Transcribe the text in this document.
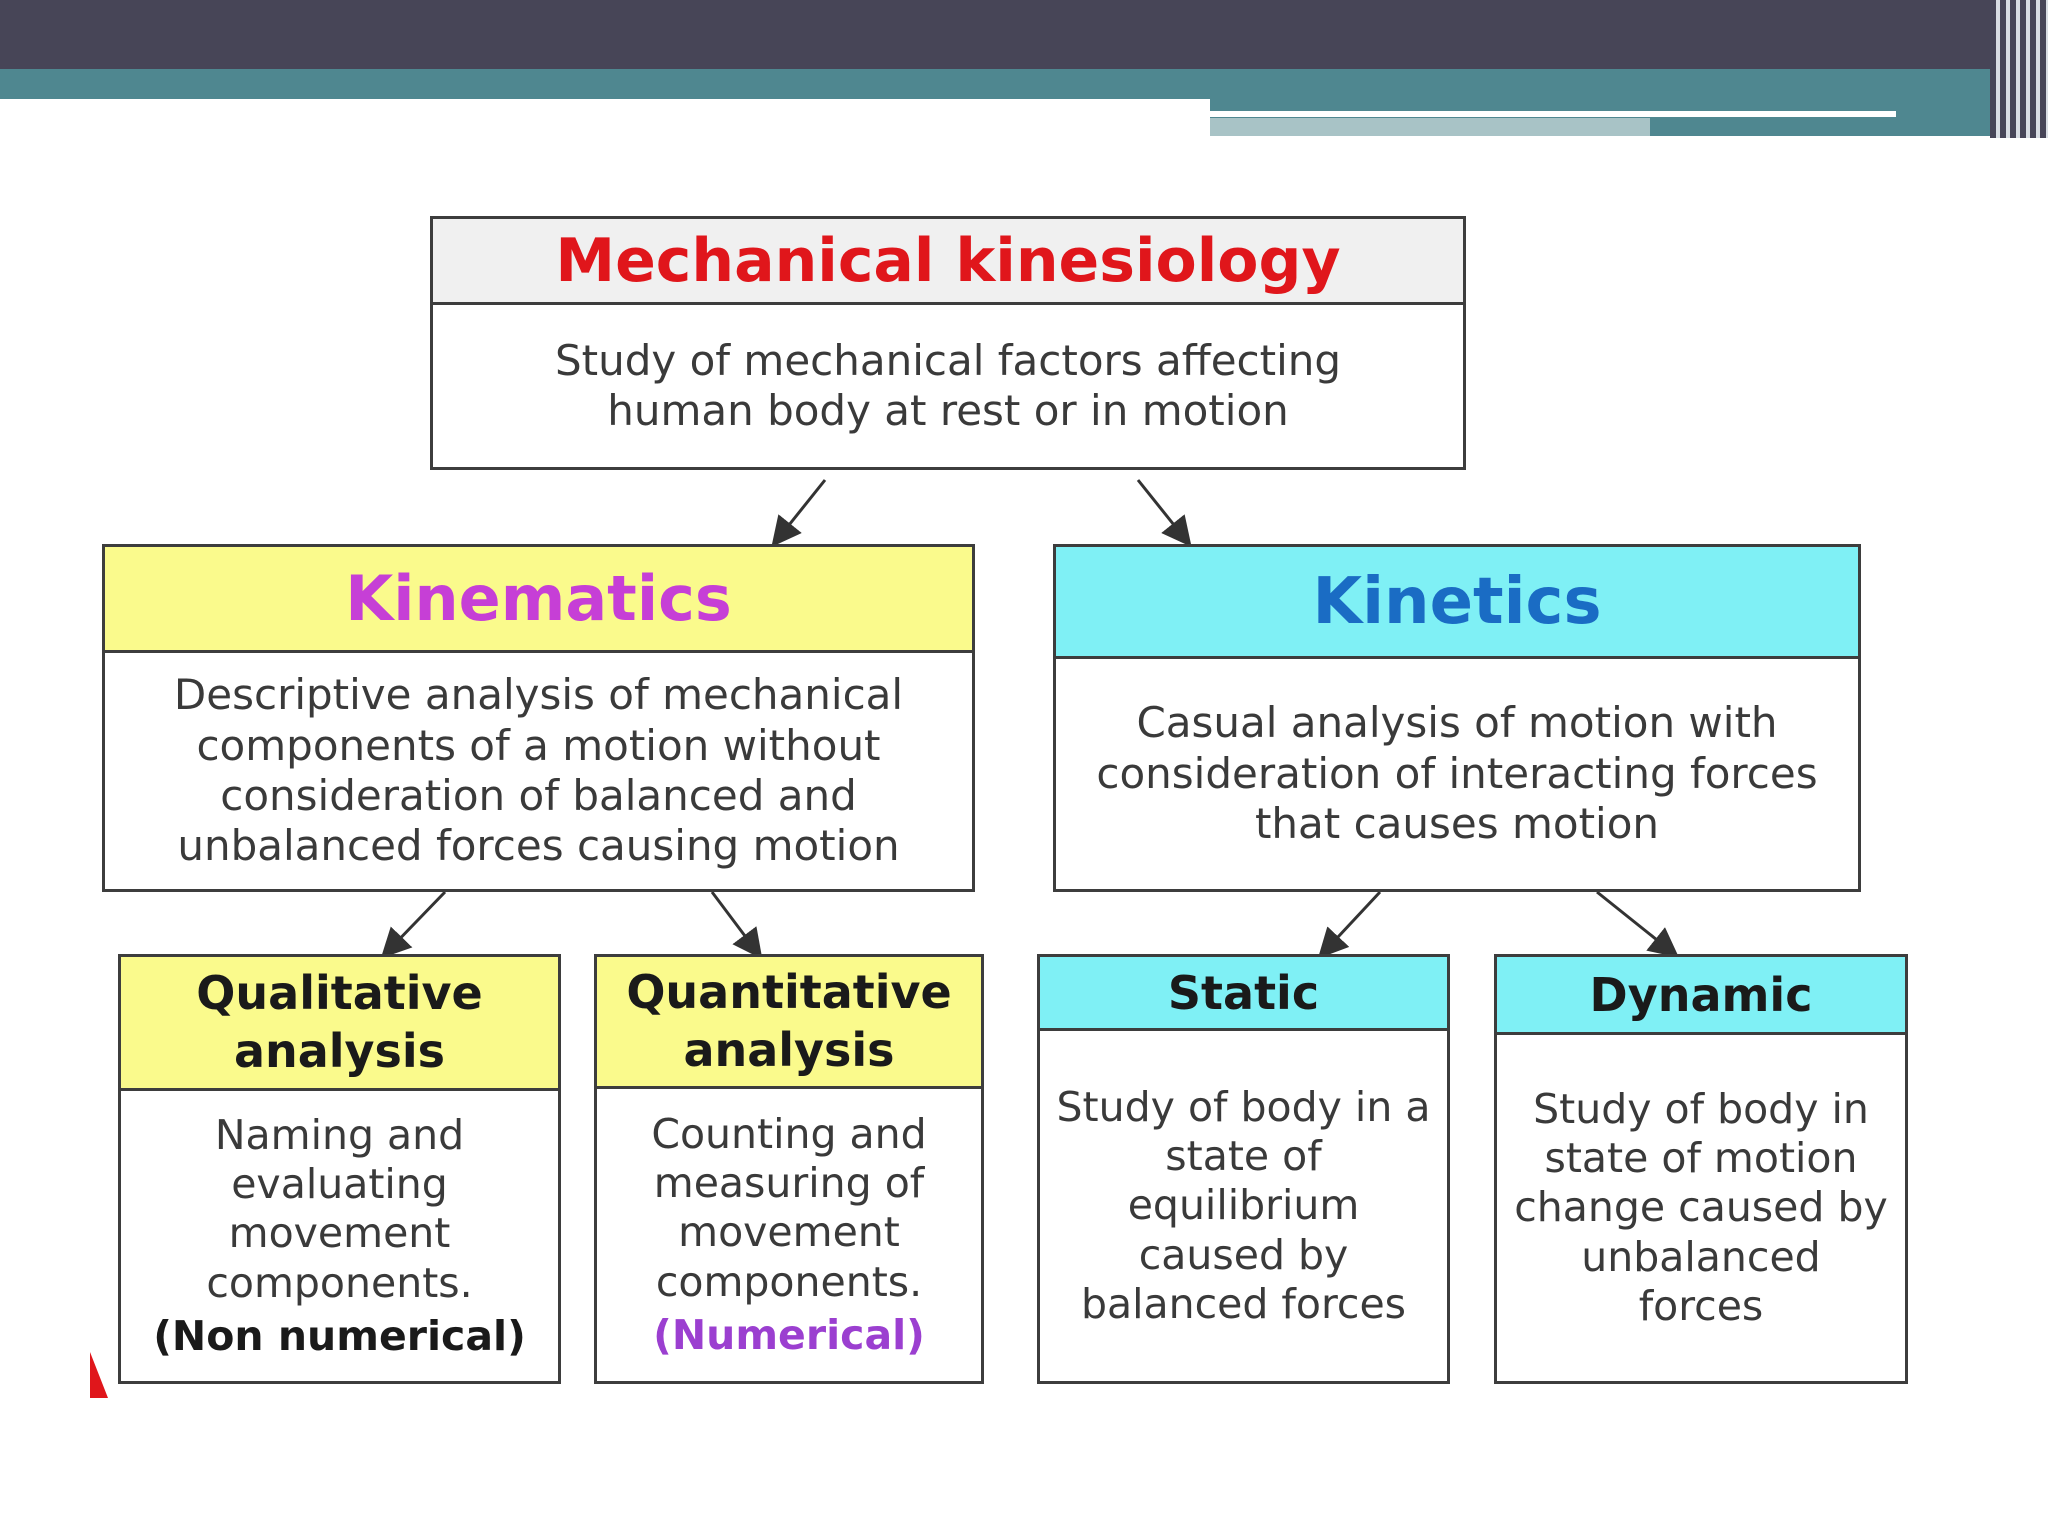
Mechanical kinesiology
Study of mechanical factors affecting human body at rest or in motion
Kinematics
Descriptive analysis of mechanical components of a motion without consideration of balanced and unbalanced forces causing motion
Kinetics
Casual analysis of motion with consideration of interacting forces that causes motion
Qualitative analysis
Naming and evaluating movement components.
(Non numerical)
Quantitative analysis
Counting and measuring of movement components.
(Numerical)
Static
Study of body in a state of equilibrium caused by balanced forces
Dynamic
Study of body in state of motion change caused by unbalanced forces
